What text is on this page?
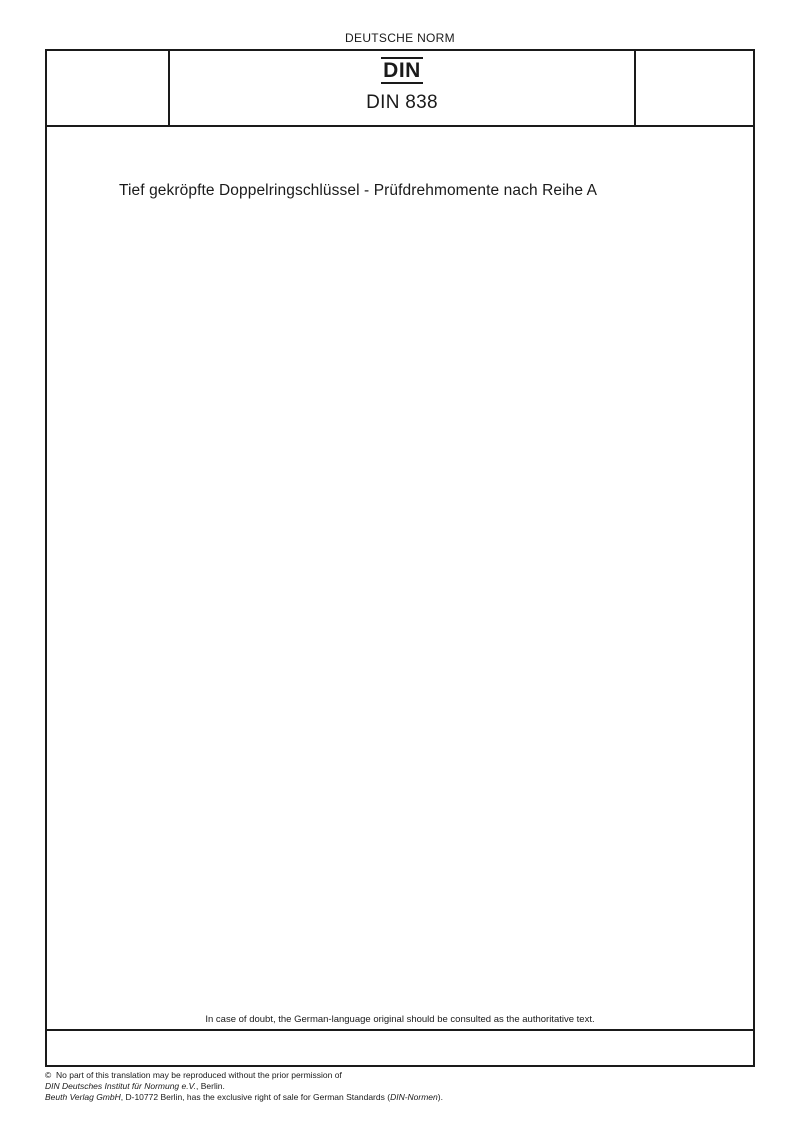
DEUTSCHE NORM
DIN
DIN 838
Tief gekröpfte Doppelringschlüssel - Prüfdrehmomente nach Reihe A
In case of doubt, the German-language original should be consulted as the authoritative text.
© No part of this translation may be reproduced without the prior permission of
DIN Deutsches Institut für Normung e.V., Berlin.
Beuth Verlag GmbH, D-10772 Berlin, has the exclusive right of sale for German Standards (DIN-Normen).
